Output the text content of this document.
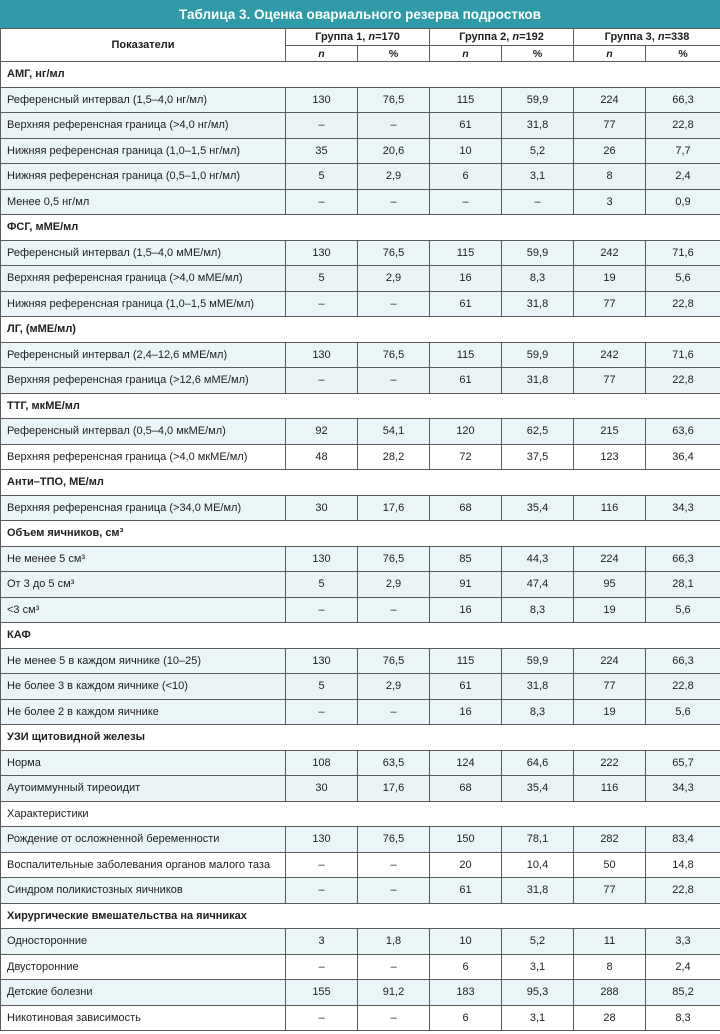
Таблица 3. Оценка овариального резерва подростков
Показатели	Группа 1, n=170		Группа 2, n=192		Группа 3, n=338	
	n	%	n	%	n	%
АМГ, нг/мл						
Референсный интервал (1,5–4,0 нг/мл)	130	76,5	115	59,9	224	66,3
Верхняя референсная граница (>4,0 нг/мл)	–	–	61	31,8	77	22,8
Нижняя референсная граница (1,0–1,5 нг/мл)	35	20,6	10	5,2	26	7,7
Нижняя референсная граница (0,5–1,0 нг/мл)	5	2,9	6	3,1	8	2,4
Менее 0,5 нг/мл	–	–	–	–	3	0,9
ФСГ, мМЕ/мл						
Референсный интервал (1,5–4,0 мМЕ/мл)	130	76,5	115	59,9	242	71,6
Верхняя референсная граница (>4,0 мМЕ/мл)	5	2,9	16	8,3	19	5,6
Нижняя референсная граница (1,0–1,5 мМЕ/мл)	–	–	61	31,8	77	22,8
ЛГ, (мМЕ/мл)						
Референсный интервал (2,4–12,6 мМЕ/мл)	130	76,5	115	59,9	242	71,6
Верхняя референсная граница (>12,6 мМЕ/мл)	–	–	61	31,8	77	22,8
ТТГ, мкМЕ/мл						
Референсный интервал (0,5–4,0 мкМЕ/мл)	92	54,1	120	62,5	215	63,6
Верхняя референсная граница (>4,0 мкМЕ/мл)	48	28,2	72	37,5	123	36,4
Анти–ТПО, МЕ/мл						
Верхняя референсная граница (>34,0 МЕ/мл)	30	17,6	68	35,4	116	34,3
Объем яичников, см³						
Не менее 5 см³	130	76,5	85	44,3	224	66,3
От 3 до 5 см³	5	2,9	91	47,4	95	28,1
<3 см³	–	–	16	8,3	19	5,6
КАФ						
Не менее 5 в каждом яичнике (10–25)	130	76,5	115	59,9	224	66,3
Не более 3 в каждом яичнике (<10)	5	2,9	61	31,8	77	22,8
Не более 2 в каждом яичнике	–	–	16	8,3	19	5,6
УЗИ щитовидной железы						
Норма	108	63,5	124	64,6	222	65,7
Аутоиммунный тиреоидит	30	17,6	68	35,4	116	34,3
Характеристики						
Рождение от осложненной беременности	130	76,5	150	78,1	282	83,4
Воспалительные заболевания органов малого таза	–	–	20	10,4	50	14,8
Синдром поликистозных яичников	–	–	61	31,8	77	22,8
Хирургические вмешательства на яичниках						
Односторонние	3	1,8	10	5,2	11	3,3
Двусторонние	–	–	6	3,1	8	2,4
Детские болезни	155	91,2	183	95,3	288	85,2
Никотиновая зависимость	–	–	6	3,1	28	8,3
